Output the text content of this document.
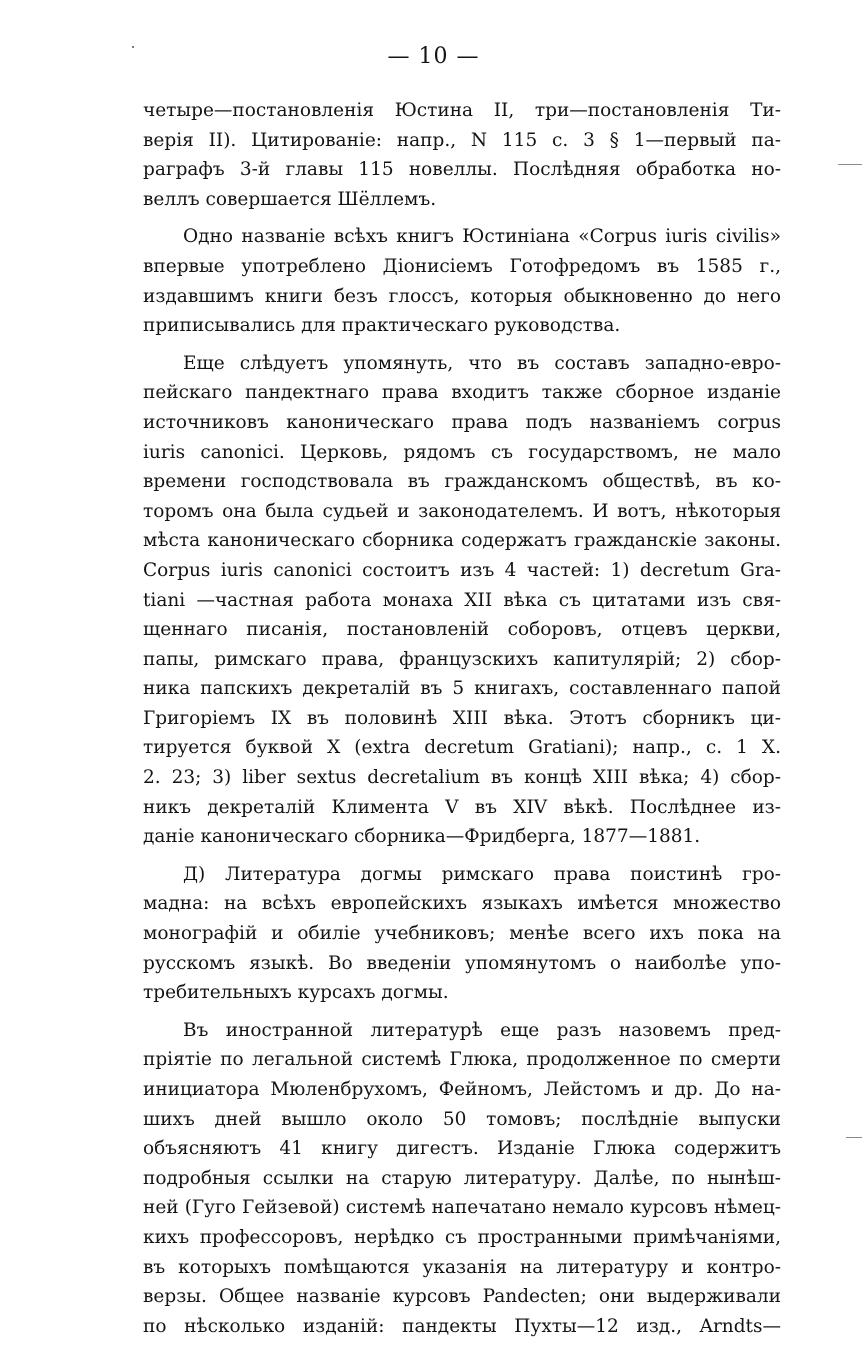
— 10 —
четыре—постановленія Юстина II, три—постановленія Ти-
верія II). Цитированіе: напр., N 115 с. 3 § 1—первый па-
раграфъ 3-й главы 115 новеллы. Послѣдняя обработка но-
веллъ совершается Шёллемъ.
Одно названіе всѣхъ книгъ Юстиніана «Corpus iuris civilis»
впервые употреблено Діонисіемъ Готофредомъ въ 1585 г.,
издавшимъ книги безъ глоссъ, которыя обыкновенно до него
приписывались для практическаго руководства.
Еще слѣдуетъ упомянуть, что въ составъ западно-евро-
пейскаго пандектнаго права входитъ также сборное изданіе
источниковъ каноническаго права подъ названіемъ corpus
iuris canonici. Церковь, рядомъ съ государствомъ, не мало
времени господствовала въ гражданскомъ обществѣ, въ ко-
торомъ она была судьей и законодателемъ. И вотъ, нѣкоторыя
мѣста каноническаго сборника содержатъ гражданскіе законы.
Corpus iuris canonici состоитъ изъ 4 частей: 1) decretum Gra-
tiani —частная работа монаха XII вѣка съ цитатами изъ свя-
щеннаго писанія, постановленій соборовъ, отцевъ церкви,
папы, римскаго права, французскихъ капитулярій; 2) сбор-
ника папскихъ декреталій въ 5 книгахъ, составленнаго папой
Григоріемъ IX въ половинѣ XIII вѣка. Этотъ сборникъ ци-
тируется буквой X (extra decretum Gratiani); напр., с. 1 X.
2. 23; 3) liber sextus decretalium въ концѣ XIII вѣка; 4) сбор-
никъ декреталій Климента V въ XIV вѣкѣ. Послѣднее из-
даніе каноническаго сборника—Фридберга, 1877—1881.
Д) Литература догмы римскаго права поистинѣ гро-
мадна: на всѣхъ европейскихъ языкахъ имѣется множество
монографій и обиліе учебниковъ; менѣе всего ихъ пока на
русскомъ языкѣ. Во введеніи упомянутомъ о наиболѣе упо-
требительныхъ курсахъ догмы.
Въ иностранной литературѣ еще разъ назовемъ пред-
пріятіе по легальной системѣ Глюка, продолженное по смерти
инициатора Мюленбрухомъ, Фейномъ, Лейстомъ и др. До на-
шихъ дней вышло около 50 томовъ; послѣдніе выпуски
объясняютъ 41 книгу дигестъ. Изданіе Глюка содержитъ
подробныя ссылки на старую литературу. Далѣе, по нынѣш-
ней (Гуго Гейзевой) системѣ напечатано немало курсовъ нѣмец-
кихъ профессоровъ, нерѣдко съ пространными примѣчаніями,
въ которыхъ помѣщаются указанія на литературу и контро-
верзы. Общее названіе курсовъ Pandecten; они выдерживали
по нѣсколько изданій: пандекты Пухты—12 изд., Arndts—
